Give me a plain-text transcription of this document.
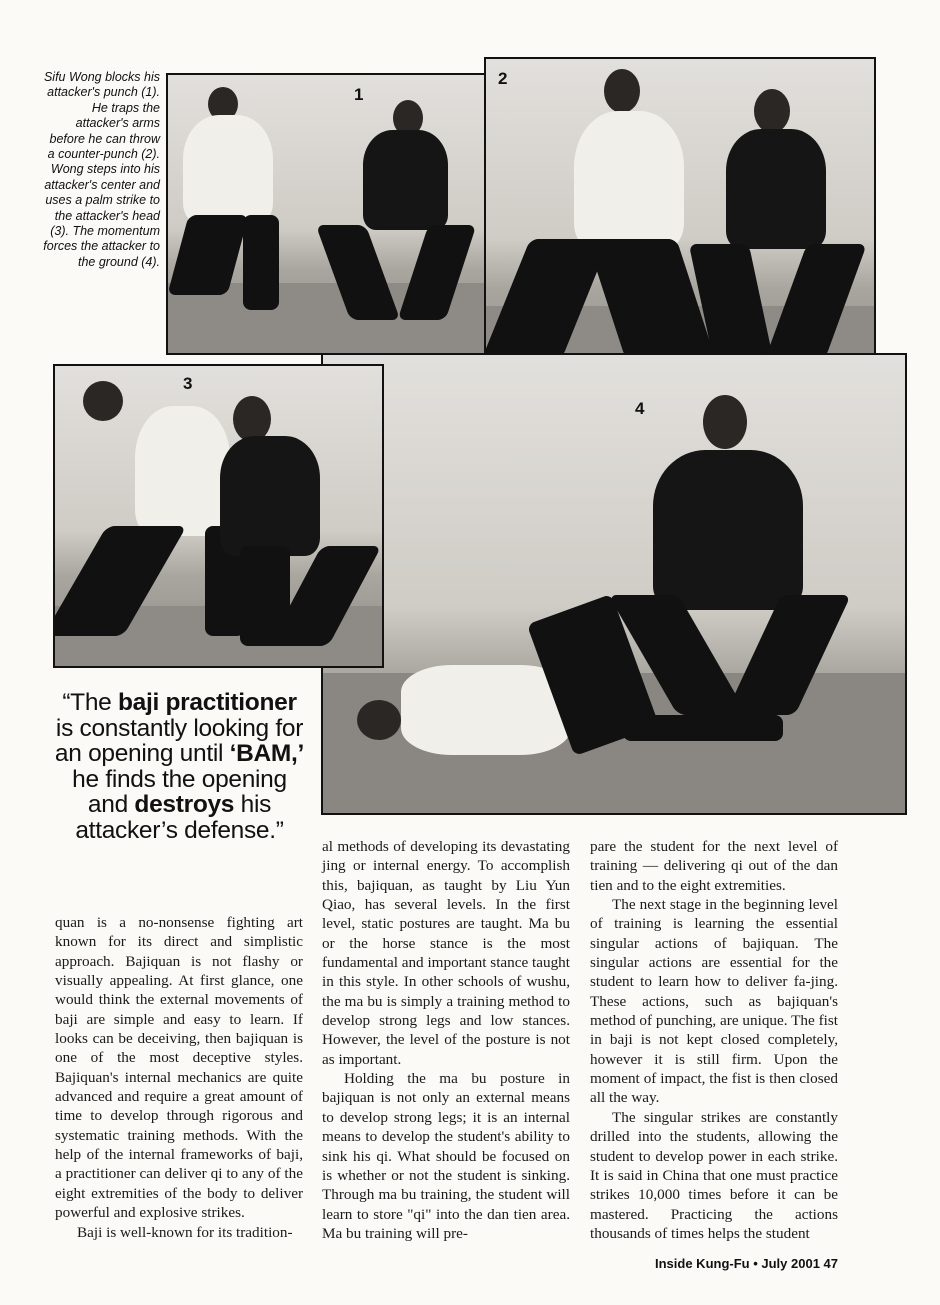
Sifu Wong blocks his attacker's punch (1). He traps the attacker's arms before he can throw a counter-punch (2). Wong steps into his attacker's center and uses a palm strike to the attacker's head (3). The momentum forces the attacker to the ground (4).
1
2
4
3
“The baji practitioner is constantly looking for an opening until ‘BAM,’ he finds the opening and destroys his attacker’s defense.”

quan is a no-nonsense fighting art known for its direct and simplistic approach. Bajiquan is not flashy or visually appealing. At first glance, one would think the external movements of baji are simple and easy to learn. If looks can be deceiving, then bajiquan is one of the most deceptive styles. Bajiquan's internal mechanics are quite advanced and require a great amount of time to develop through rigorous and systematic training methods. With the help of the internal frameworks of baji, a practitioner can deliver qi to any of the eight extremities of the body to deliver powerful and explosive strikes.

Baji is well-known for its tradition-

al methods of developing its devastating jing or internal energy. To accomplish this, bajiquan, as taught by Liu Yun Qiao, has several levels. In the first level, static postures are taught. Ma bu or the horse stance is the most fundamental and important stance taught in this style. In other schools of wushu, the ma bu is simply a training method to develop strong legs and low stances. However, the level of the posture is not as important.

Holding the ma bu posture in bajiquan is not only an external means to develop strong legs; it is an internal means to develop the student's ability to sink his qi. What should be focused on is whether or not the student is sinking. Through ma bu training, the student will learn to store "qi" into the dan tien area. Ma bu training will pre-

pare the student for the next level of training — delivering qi out of the dan tien and to the eight extremities.

The next stage in the beginning level of training is learning the essential singular actions of bajiquan. The singular actions are essential for the student to learn how to deliver fa-jing. These actions, such as bajiquan's method of punching, are unique. The fist in baji is not kept closed completely, however it is still firm. Upon the moment of impact, the fist is then closed all the way.

The singular strikes are constantly drilled into the students, allowing the student to develop power in each strike. It is said in China that one must practice strikes 10,000 times before it can be mastered. Practicing the actions thousands of times helps the student

Inside Kung-Fu • July 2001 47
